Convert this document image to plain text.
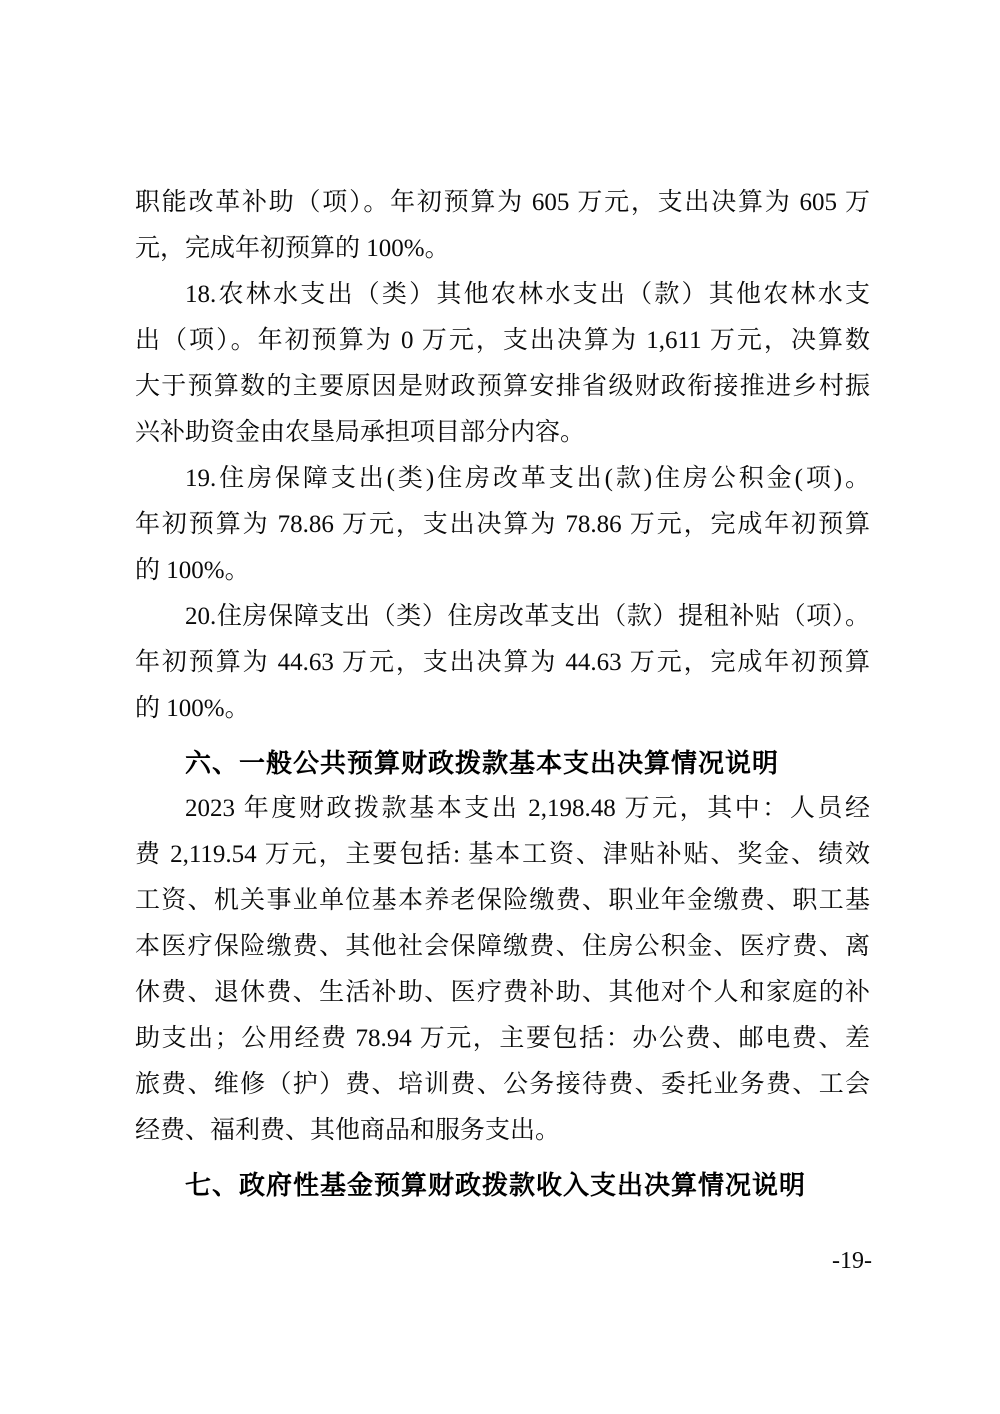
职能改革补助（项）。年初预算为 605 万元，支出决算为 605 万
元，完成年初预算的 100%。
18.农林水支出（类）其他农林水支出（款）其他农林水支
出（项）。年初预算为 0 万元，支出决算为 1,611 万元，决算数
大于预算数的主要原因是财政预算安排省级财政衔接推进乡村振
兴补助资金由农垦局承担项目部分内容。
19.住房保障支出(类)住房改革支出(款)住房公积金(项)。
年初预算为 78.86 万元，支出决算为 78.86 万元，完成年初预算
的 100%。
20.住房保障支出（类）住房改革支出（款）提租补贴（项）。
年初预算为 44.63 万元，支出决算为 44.63 万元，完成年初预算
的 100%。
六、一般公共预算财政拨款基本支出决算情况说明
2023 年度财政拨款基本支出 2,198.48 万元，其中：人员经
费 2,119.54 万元，主要包括: 基本工资、津贴补贴、奖金、绩效
工资、机关事业单位基本养老保险缴费、职业年金缴费、职工基
本医疗保险缴费、其他社会保障缴费、住房公积金、医疗费、离
休费、退休费、生活补助、医疗费补助、其他对个人和家庭的补
助支出；公用经费 78.94 万元，主要包括：办公费、邮电费、差
旅费、维修（护）费、培训费、公务接待费、委托业务费、工会
经费、福利费、其他商品和服务支出。
七、政府性基金预算财政拨款收入支出决算情况说明
-19-
